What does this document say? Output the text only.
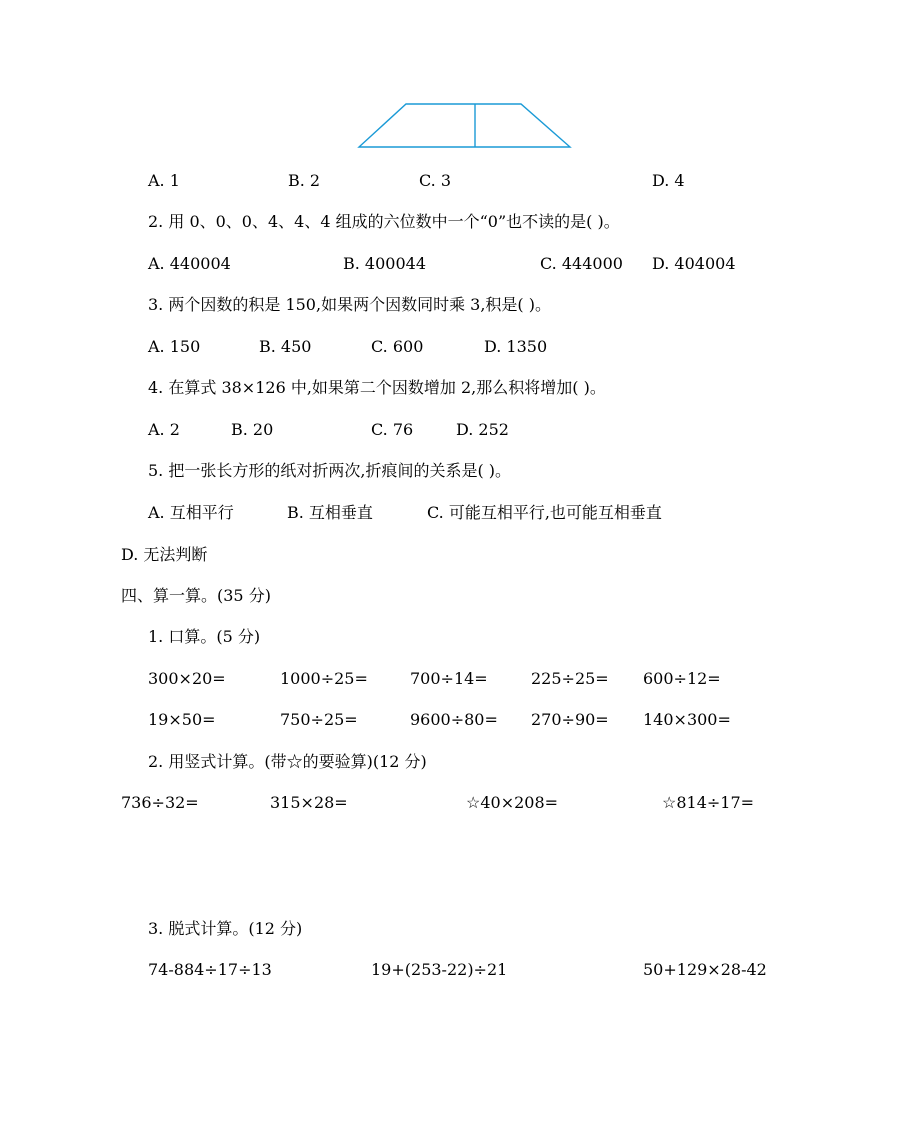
A. 1	B. 2	C. 3	D. 4
2. 用 0、0、0、4、4、4 组成的六位数中一个“0”也不读的是( )。
A. 440004	B. 400044	C. 444000 D. 404004
3. 两个因数的积是 150,如果两个因数同时乘 3,积是( )。
A. 150	B. 450	C. 600	D. 1350
4. 在算式 38×126 中,如果第二个因数增加 2,那么积将增加( )。
A. 2	B. 20	C. 76	D. 252
5. 把一张长方形的纸对折两次,折痕间的关系是( )。
A. 互相平行	B. 互相垂直	C. 可能互相平行,也可能互相垂直
D. 无法判断
四、算一算。(35 分)
1. 口算。(5 分)
300×20=	1000÷25=	700÷14=	225÷25= 600÷12=
19×50=	750÷25=	9600÷80= 270÷90= 140×300=
2. 用竖式计算。(带☆的要验算)(12 分)
736÷32=	315×28=	☆40×208=	☆814÷17=
3. 脱式计算。(12 分)
74-884÷17÷13	19+(253-22)÷21	50+129×28-42
